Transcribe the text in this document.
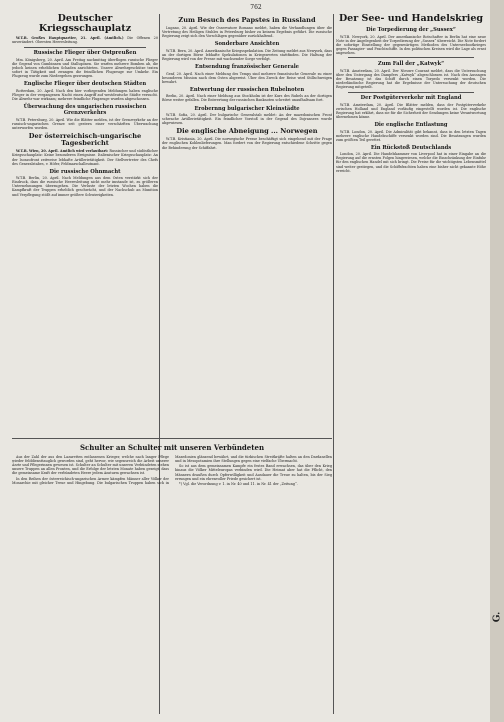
762
Deutscher Kriegsschauplatz

W.T.B. Großes Hauptquartier, 21. April. (Amtlich.) Die Offenen 20 unverändert. Obersten Heeresleitung.

Russische Flieger über Ostpreußen

Mm. Königsberg, 20. April. Am Freitag nachmittag überflogen russische Flieger die Gegend von Gumbinnen und Stallupönen. Sie warfen mehrere Bomben ab, die jedoch keinen erheblichen Schaden anrichteten. Unsere Abwehrgeschütze traten sofort in Tätigkeit und zwangen die feindlichen Flugzeuge zur Umkehr. Ein Flugzeug wurde zum Niedergehen gezwungen.

Englische Flieger über deutschen Städten

Rotterdam, 20. April. Nach den hier vorliegenden Meldungen haben englische Flieger in der vergangenen Nacht einen Angriff auf westdeutsche Städte versucht. Die Abwehr war wirksam; mehrere feindliche Flugzeuge wurden abgeschossen.

Überwachung des ungarischen russischen Grenzverkehrs

W.T.B. Petersburg, 20. April. Wie die Blätter melden, ist der Grenzverkehr an der russisch-ungarischen Grenze seit gestern einer verschärften Überwachung unterworfen worden.

Der österreichisch-ungarische Tagesbericht

W.T.B. Wien, 20. April. Amtlich wird verlautbart: Russischer und südöstlicher Kriegsschauplatz: Keine besonderen Ereignisse. Italienischer Kriegsschauplatz: An der Isonzofront zeitweise lebhafte Artillerietätigkeit. Der Stellvertreter des Chefs des Generalstabes, v. Höfer, Feldmarschalleutnant.

Die russische Ohnmacht

W.T.B. Berlin, 20. April. Nach Meldungen aus dem Osten verstärkt sich der Eindruck, dass die russische Heeresleitung nicht mehr imstande ist, zu größeren Unternehmungen überzugehen. Die Verluste der letzten Wochen haben die Kampfkraft der Truppen erheblich geschwächt, und der Nachschub an Munition und Verpflegung stößt auf immer größere Schwierigkeiten.

Zum Besuch des Papstes in Russland

Lugano, 20. April. Wie der Osservatore Romano meldet, haben die Verhandlungen über die Vertretung des Heiligen Stuhles in Petersburg bisher zu keinem Ergebnis geführt. Die russische Regierung zeigt sich den Vorschlägen gegenüber zurückhaltend.

Sonderbare Ansichten

W.T.B. Bern, 20. April. Amerikanische Kriegsspekulation. Die Zeitung meldet aus Newyork, dass an der dortigen Börse lebhafte Spekulationen in Kriegswerten stattfinden. Die Haltung der Regierung wird von der Presse mit wachsender Sorge verfolgt.

Entsendung französischer Generale

Genf, 20. April. Nach einer Meldung des Temps sind mehrere französische Generale zu einer besonderen Mission nach dem Osten abgereist. Über den Zweck der Reise wird Stillschweigen bewahrt.

Entwertung der russischen Rubelnoten

Berlin, 20. April. Nach einer Meldung aus Stockholm ist der Kurs des Rubels an der dortigen Börse weiter gefallen. Die Entwertung der russischen Banknoten schreitet unaufhaltsam fort.

Erobernng bulgarischer Kleinstädte

W.T.B. Sofia, 20. April. Der bulgarische Generalstab meldet: An der mazedonischen Front schwache Artillerietätigkeit. Ein feindlicher Vorstoß in der Gegend des Dojransees wurde abgewiesen.

Die englische Abneigung ... Norwegen

W.T.B. Kristiania, 20. April. Die norwegische Presse beschäftigt sich eingehend mit der Frage der englischen Kohlenlieferungen. Man fordert von der Regierung entschiedene Schritte gegen die Behinderung der Schiffahrt.

Der See- und Handelskrieg
Die Torpedierung der „Sussex“

W.T.B. Newyork, 20. April. Der amerikanische Botschafter in Berlin hat eine neue Note in der Angelegenheit der Torpedierung der „Sussex“ überreicht. Die Note fordert die sofortige Einstellung der gegenwärtigen Methoden des Unterseebootkrieges gegen Passagier- und Frachtschiffe. In den politischen Kreisen wird die Lage als ernst angesehen.

Zum Fall der „Katwyk“

W.T.B. Amsterdam, 20. April. Der Nieuwe Courant meldet, dass die Untersuchung über den Untergang des Dampfers „Katwyk“ abgeschlossen ist. Nach den Aussagen der Besatzung ist das Schiff durch einen Torpedo versenkt worden. Die niederländische Regierung hat die Ergebnisse der Untersuchung der deutschen Regierung mitgeteilt.

Der Postgüterverkehr mit England

W.T.B. Amsterdam, 20. April. Die Blätter melden, dass der Postgüterverkehr zwischen Holland und England vorläufig eingestellt worden ist. Die englische Regierung hat erklärt, dass sie für die Sicherheit der Sendungen keine Verantwortung übernehmen könne.

Die englische Entlastung

W.T.B. London, 20. April. Die Admiralität gibt bekannt, dass in den letzten Tagen mehrere englische Handelsschiffe versenkt worden sind. Die Besatzungen wurden zum größten Teil gerettet.

Ein Rückstoß Deutschlands

London, 20. April. Die Handelskammer von Liverpool hat in einer Eingabe an die Regierung auf die ernsten Folgen hingewiesen, welche die Einschränkung der Einfuhr für den englischen Handel mit sich bringt. Die Preise für die wichtigsten Lebensmittel sind weiter gestiegen, und die Schiffsfrachten haben eine bisher nicht gekannte Höhe erreicht.

Schulter an Schulter mit unseren Verbündeten

Aus der Zahl der aus den Lazaretten entlassenen Krieger, welche nach langer Pflege wieder felddiensttauglich geworden sind, geht hervor, wie segensreich die Arbeit unserer Ärzte und Pflegerinnen gewesen ist. Schulter an Schulter mit unseren Verbündeten stehen unsere Truppen an allen Fronten, und die Erfolge der letzten Monate haben gezeigt, dass die gemeinsame Kraft der verbündeten Heere jedem Ansturm gewachsen ist.

In den Reihen der österreichisch-ungarischen Armee kämpfen Männer aller Völker der Monarchie mit gleicher Treue und Hingebung. Die bulgarischen Truppen haben sich in Mazedonien glänzend bewährt, und die türkischen Streitkräfte halten an den Dardanellen und in Mesopotamien ihre Stellungen gegen eine vielfache Übermacht.

So ist aus dem gemeinsamen Kampfe ein festes Band erwachsen, das über den Krieg hinaus die Völker Mitteleuropas verbinden wird. Die Heimat aber hat die Pflicht, den Männern draußen durch Opferwilligkeit und Ausdauer die Treue zu halten, bis der Sieg errungen und ein ehrenvoller Friede gesichert ist.

*) Vgl. die Verordnung v. 1. in Nr. 40 und 11. in Nr. 41 der „Zeitung“.

G.
